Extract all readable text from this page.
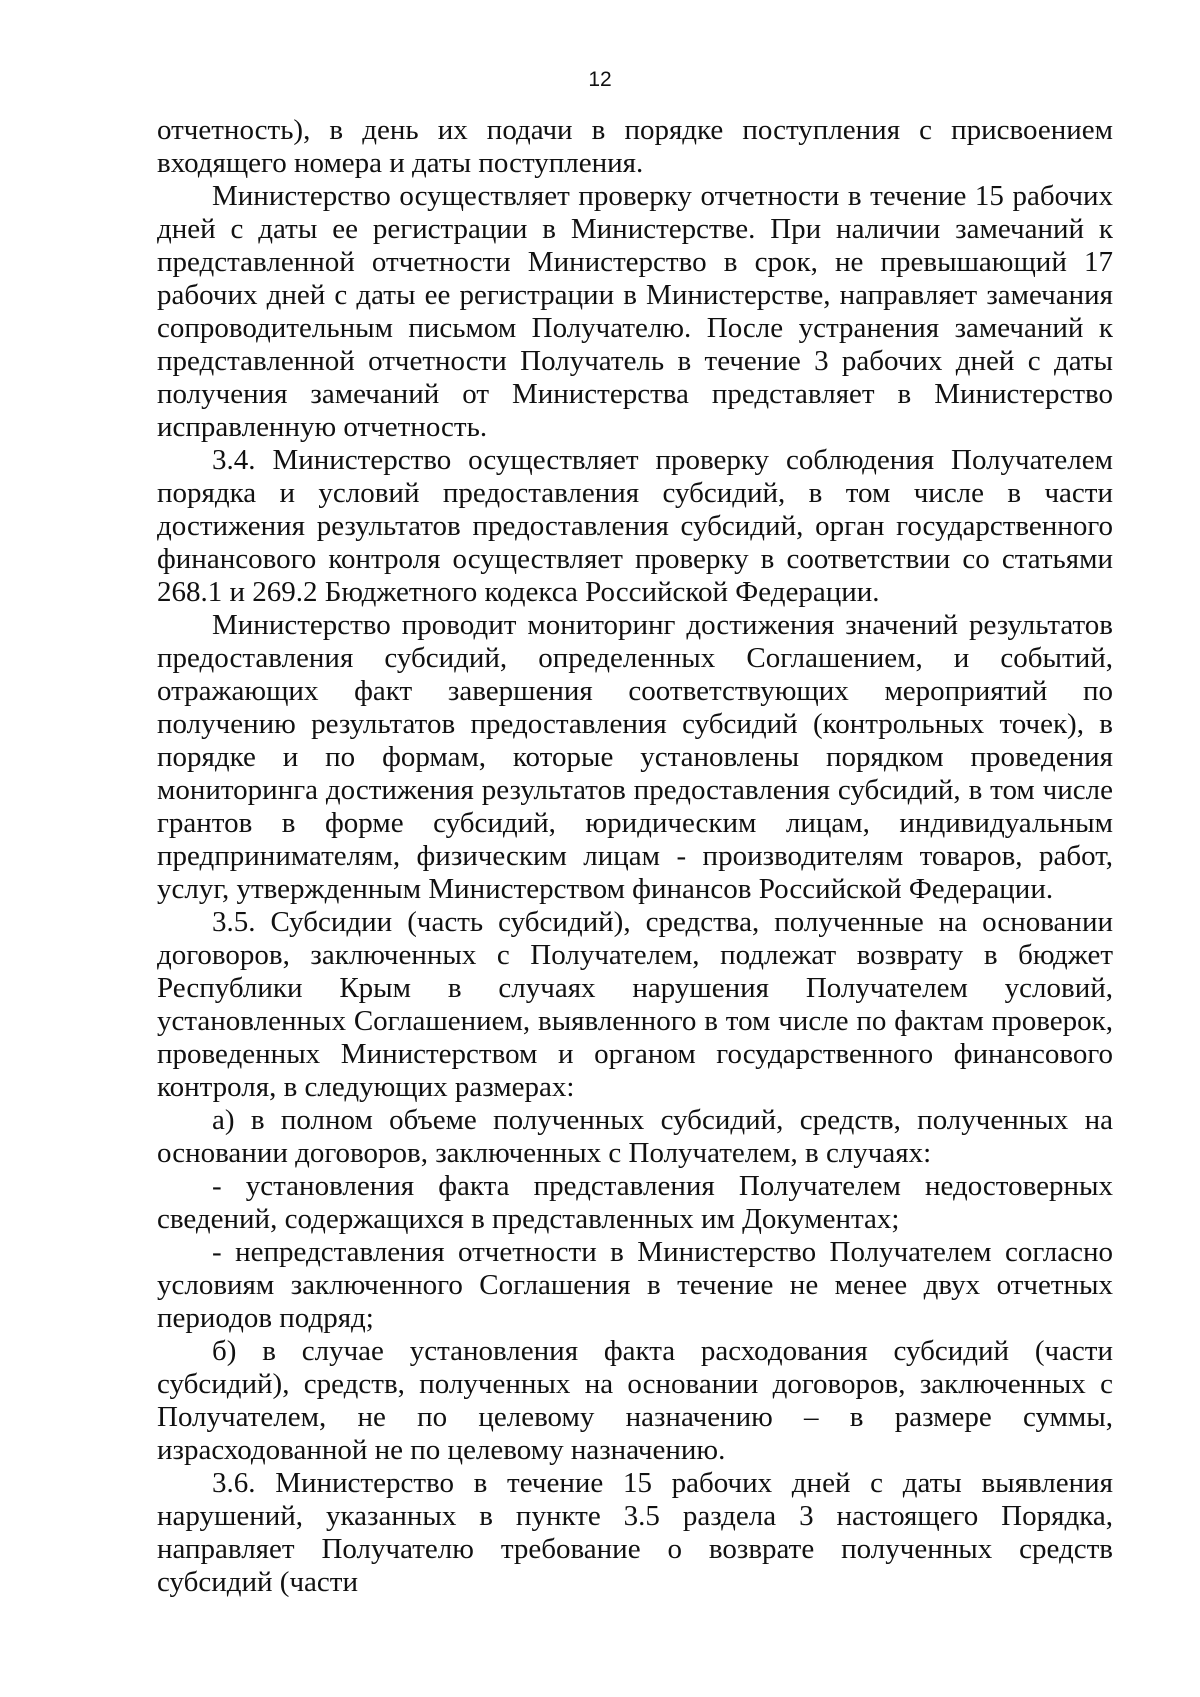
12

отчетность), в день их подачи в порядке поступления с присвоением входящего номера и даты поступления.

Министерство осуществляет проверку отчетности в течение 15 рабочих дней с даты ее регистрации в Министерстве. При наличии замечаний к представленной отчетности Министерство в срок, не превышающий 17 рабочих дней с даты ее регистрации в Министерстве, направляет замечания сопроводительным письмом Получателю. После устранения замечаний к представленной отчетности Получатель в течение 3 рабочих дней с даты получения замечаний от Министерства представляет в Министерство исправленную отчетность.

3.4. Министерство осуществляет проверку соблюдения Получателем порядка и условий предоставления субсидий, в том числе в части достижения результатов предоставления субсидий, орган государственного финансового контроля осуществляет проверку в соответствии со статьями 268.1 и 269.2 Бюджетного кодекса Российской Федерации.

Министерство проводит мониторинг достижения значений результатов предоставления субсидий, определенных Соглашением, и событий, отражающих факт завершения соответствующих мероприятий по получению результатов предоставления субсидий (контрольных точек), в порядке и по формам, которые установлены порядком проведения мониторинга достижения результатов предоставления субсидий, в том числе грантов в форме субсидий, юридическим лицам, индивидуальным предпринимателям, физическим лицам - производителям товаров, работ, услуг, утвержденным Министерством финансов Российской Федерации.

3.5. Субсидии (часть субсидий), средства, полученные на основании договоров, заключенных с Получателем, подлежат возврату в бюджет Республики Крым в случаях нарушения Получателем условий, установленных Соглашением, выявленного в том числе по фактам проверок, проведенных Министерством и органом государственного финансового контроля, в следующих размерах:

а) в полном объеме полученных субсидий, средств, полученных на основании договоров, заключенных с Получателем, в случаях:

- установления факта представления Получателем недостоверных сведений, содержащихся в представленных им Документах;

- непредставления отчетности в Министерство Получателем согласно условиям заключенного Соглашения в течение не менее двух отчетных периодов подряд;

б) в случае установления факта расходования субсидий (части субсидий), средств, полученных на основании договоров, заключенных с Получателем, не по целевому назначению – в размере суммы, израсходованной не по целевому назначению.

3.6. Министерство в течение 15 рабочих дней с даты выявления нарушений, указанных в пункте 3.5 раздела 3 настоящего Порядка, направляет Получателю требование о возврате полученных средств субсидий (части
